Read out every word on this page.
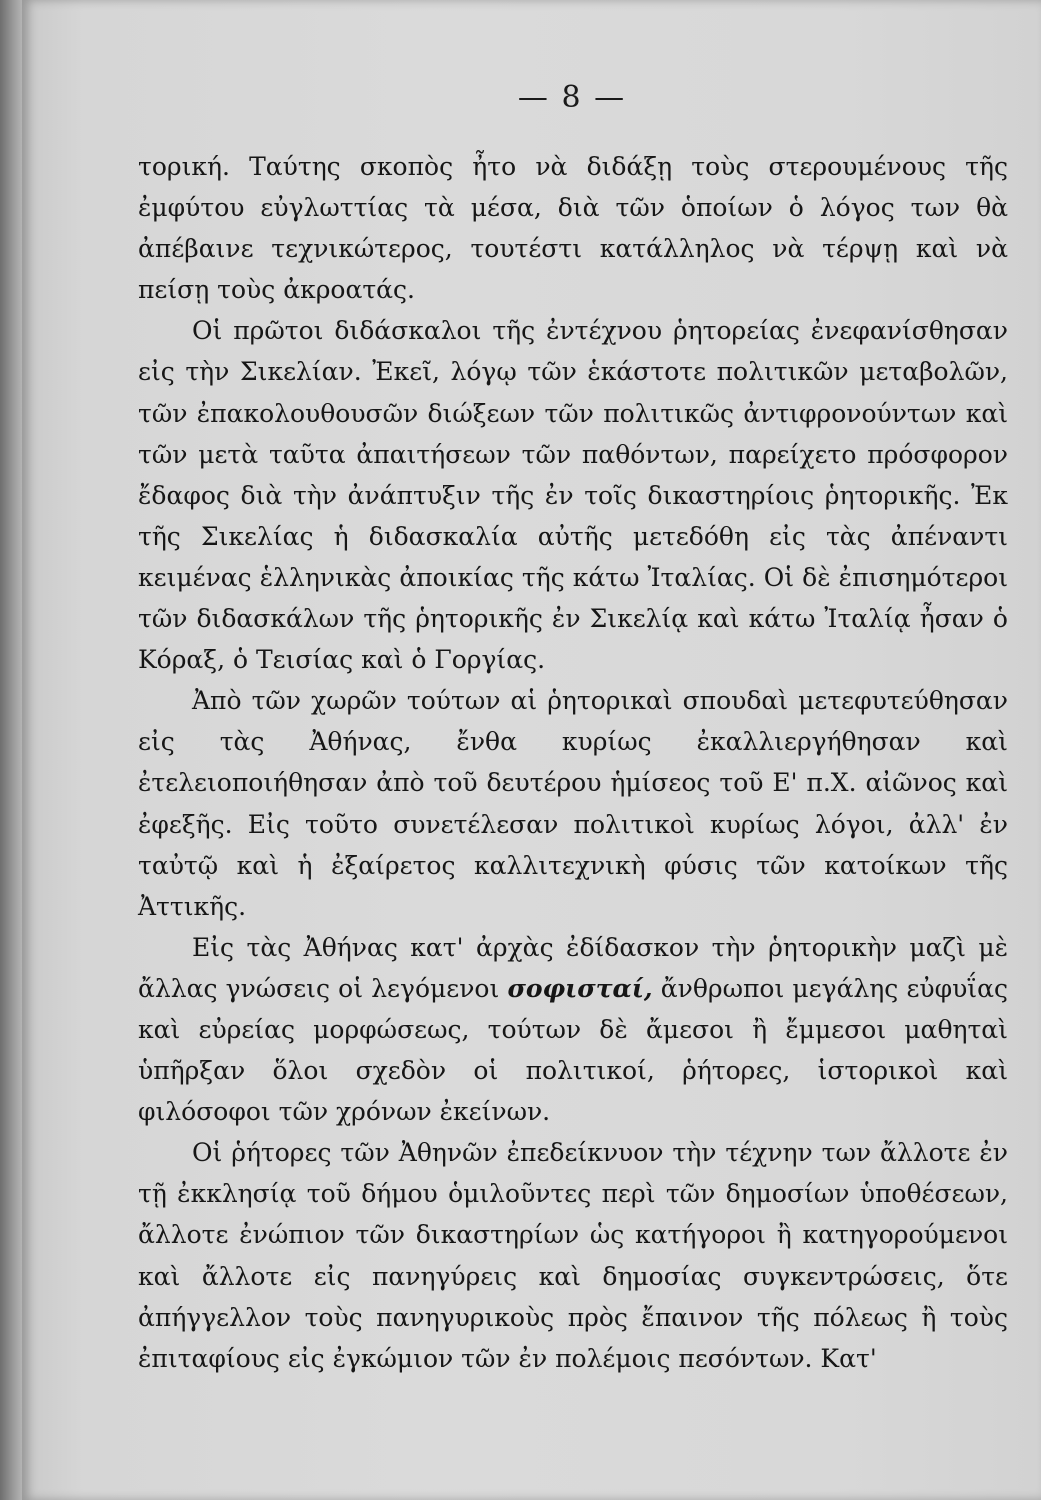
— 8 —

τορική. Ταύτης σκοπὸς ἦτο νὰ διδάξῃ τοὺς στερουμένους τῆς ἐμφύτου εὐγλωττίας τὰ μέσα, διὰ τῶν ὁποίων ὁ λόγος των θὰ ἀπέβαινε τεχνικώτερος, τουτέστι κατάλληλος νὰ τέρψῃ καὶ νὰ πείσῃ τοὺς ἀκροατάς.

Οἱ πρῶτοι διδάσκαλοι τῆς ἐντέχνου ῥητορείας ἐνεφανίσθησαν εἰς τὴν Σικελίαν. Ἐκεῖ, λόγῳ τῶν ἑκάστοτε πολιτικῶν μεταβολῶν, τῶν ἐπακολουθουσῶν διώξεων τῶν πολιτικῶς ἀντιφρονούντων καὶ τῶν μετὰ ταῦτα ἀπαιτήσεων τῶν παθόντων, παρείχετο πρόσφορον ἔδαφος διὰ τὴν ἀνάπτυξιν τῆς ἐν τοῖς δικαστηρίοις ῥητορικῆς. Ἐκ τῆς Σικελίας ἡ διδασκαλία αὐτῆς μετεδόθη εἰς τὰς ἀπέναντι κειμένας ἑλληνικὰς ἀποικίας τῆς κάτω Ἰταλίας. Οἱ δὲ ἐπισημότεροι τῶν διδασκάλων τῆς ῥητορικῆς ἐν Σικελίᾳ καὶ κάτω Ἰταλίᾳ ἦσαν ὁ Κόραξ, ὁ Τεισίας καὶ ὁ Γοργίας.

Ἀπὸ τῶν χωρῶν τούτων αἱ ῥητορικαὶ σπουδαὶ μετεφυτεύθησαν εἰς τὰς Ἀθήνας, ἔνθα κυρίως ἐκαλλιεργήθησαν καὶ ἐτελειοποιήθησαν ἀπὸ τοῦ δευτέρου ἡμίσεος τοῦ Ε' π.Χ. αἰῶνος καὶ ἐφεξῆς. Εἰς τοῦτο συνετέλεσαν πολιτικοὶ κυρίως λόγοι, ἀλλ' ἐν ταὐτῷ καὶ ἡ ἐξαίρετος καλλιτεχνικὴ φύσις τῶν κατοίκων τῆς Ἀττικῆς.

Εἰς τὰς Ἀθήνας κατ' ἀρχὰς ἐδίδασκον τὴν ῥητορικὴν μαζὶ μὲ ἄλλας γνώσεις οἱ λεγόμενοι σοφισταί, ἄνθρωποι μεγάλης εὐφυΐας καὶ εὐρείας μορφώσεως, τούτων δὲ ἄμεσοι ἢ ἔμμεσοι μαθηταὶ ὑπῆρξαν ὅλοι σχεδὸν οἱ πολιτικοί, ῥήτορες, ἱστορικοὶ καὶ φιλόσοφοι τῶν χρόνων ἐκείνων.

Οἱ ῥήτορες τῶν Ἀθηνῶν ἐπεδείκνυον τὴν τέχνην των ἄλλοτε ἐν τῇ ἐκκλησίᾳ τοῦ δήμου ὁμιλοῦντες περὶ τῶν δημοσίων ὑποθέσεων, ἄλλοτε ἐνώπιον τῶν δικαστηρίων ὡς κατήγοροι ἢ κατηγορούμενοι καὶ ἄλλοτε εἰς πανηγύρεις καὶ δημοσίας συγκεντρώσεις, ὅτε ἀπήγγελλον τοὺς πανηγυρικοὺς πρὸς ἔπαινον τῆς πόλεως ἢ τοὺς ἐπιταφίους εἰς ἐγκώμιον τῶν ἐν πολέμοις πεσόντων. Κατ'
